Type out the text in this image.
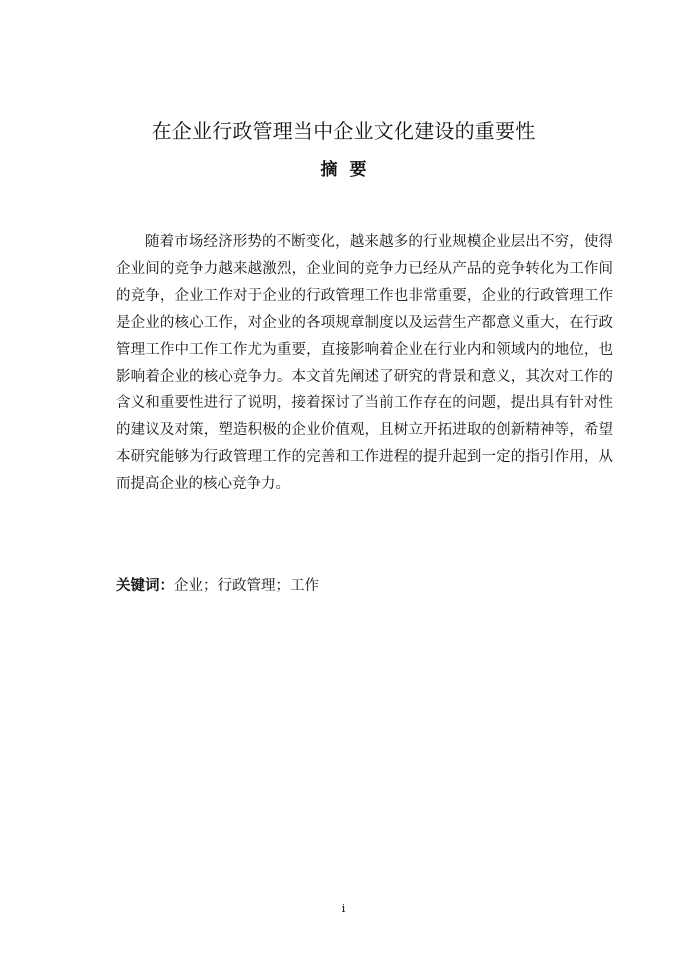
在企业行政管理当中企业文化建设的重要性
摘 要

随着市场经济形势的不断变化，越来越多的行业规模企业层出不穷，使得企业间的竞争力越来越激烈，企业间的竞争力已经从产品的竞争转化为工作间的竞争，企业工作对于企业的行政管理工作也非常重要，企业的行政管理工作是企业的核心工作，对企业的各项规章制度以及运营生产都意义重大，在行政管理工作中工作工作尤为重要，直接影响着企业在行业内和领域内的地位，也影响着企业的核心竞争力。本文首先阐述了研究的背景和意义，其次对工作的含义和重要性进行了说明，接着探讨了当前工作存在的问题，提出具有针对性的建议及对策，塑造积极的企业价值观，且树立开拓进取的创新精神等，希望本研究能够为行政管理工作的完善和工作进程的提升起到一定的指引作用，从而提高企业的核心竞争力。

关键词：企业；行政管理；工作
i
